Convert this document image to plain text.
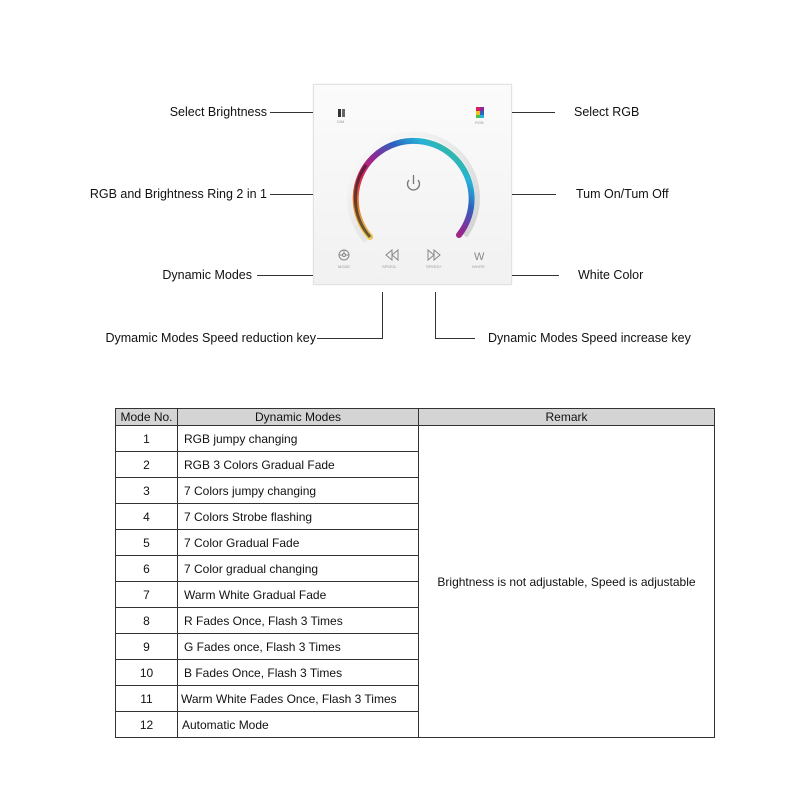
Select Brightness
RGB and Brightness Ring 2 in 1
Dynamic Modes
Dymamic Modes Speed reduction key
Select RGB
Tum On/Tum Off
White Color
Dynamic Modes Speed increase key
DIM	RGB
MODE	SPEED-	SPEED+
W
WHITE
Mode No.	Dynamic Modes	Remark
1	RGB jumpy changing	Brightness is not adjustable, Speed is adjustable
2	RGB 3 Colors Gradual Fade	
3	7 Colors jumpy changing	
4	7 Colors Strobe flashing	
5	7 Color Gradual Fade	
6	7 Color gradual changing	
7	Warm White Gradual Fade	
8	R Fades Once, Flash 3 Times	
9	G Fades once, Flash 3 Times	
10	B Fades Once, Flash 3 Times	
11	Warm White Fades Once, Flash 3 Times	
12	Automatic Mode	
